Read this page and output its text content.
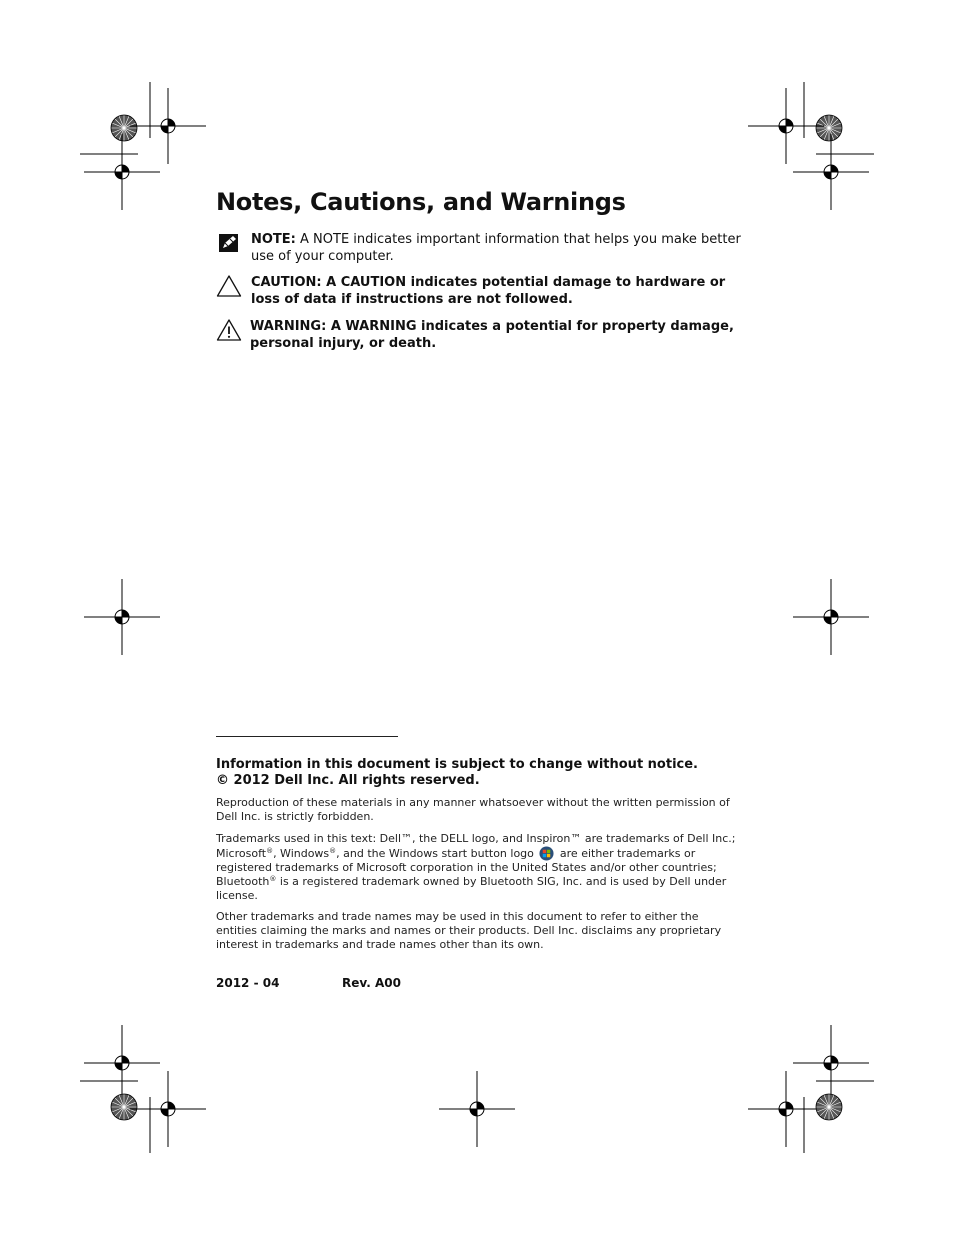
Notes, Cautions, and Warnings
NOTE: A NOTE indicates important information that helps you make better use of your computer.
CAUTION: A CAUTION indicates potential damage to hardware or loss of data if instructions are not followed.
WARNING: A WARNING indicates a potential for property damage, personal injury, or death.
Information in this document is subject to change without notice.
© 2012 Dell Inc. All rights reserved.
Reproduction of these materials in any manner whatsoever without the written permission of Dell Inc. is strictly forbidden.
Trademarks used in this text: Dell™, the DELL logo, and Inspiron™ are trademarks of Dell Inc.; Microsoft®, Windows®, and the Windows start button logo are either trademarks or registered trademarks of Microsoft corporation in the United States and/or other countries; Bluetooth® is a registered trademark owned by Bluetooth SIG, Inc. and is used by Dell under license.
Other trademarks and trade names may be used in this document to refer to either the entities claiming the marks and names or their products. Dell Inc. disclaims any proprietary interest in trademarks and trade names other than its own.
2012 - 04	Rev. A00
